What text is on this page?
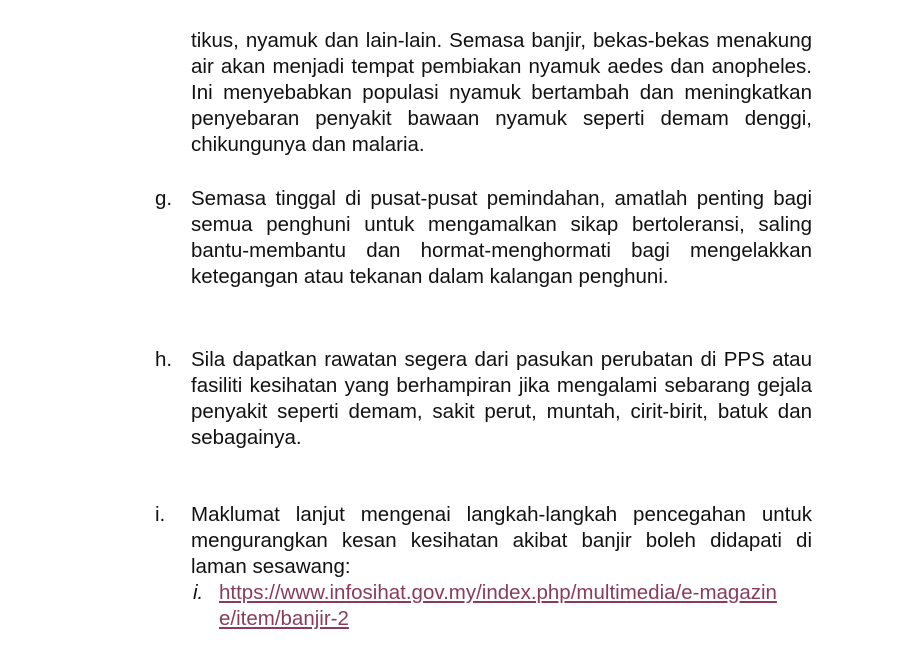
tikus, nyamuk dan lain-lain. Semasa banjir, bekas-bekas menakung air akan menjadi tempat pembiakan nyamuk aedes dan anopheles. Ini menyebabkan populasi nyamuk bertambah dan meningkatkan penyebaran penyakit bawaan nyamuk seperti demam denggi, chikungunya dan malaria.
g. Semasa tinggal di pusat-pusat pemindahan, amatlah penting bagi semua penghuni untuk mengamalkan sikap bertoleransi, saling bantu-membantu dan hormat-menghormati bagi mengelakkan ketegangan atau tekanan dalam kalangan penghuni.
h. Sila dapatkan rawatan segera dari pasukan perubatan di PPS atau fasiliti kesihatan yang berhampiran jika mengalami sebarang gejala penyakit seperti demam, sakit perut, muntah, cirit-birit, batuk dan sebagainya.
i. Maklumat lanjut mengenai langkah-langkah pencegahan untuk mengurangkan kesan kesihatan akibat banjir boleh didapati di laman sesawang:
i. https://www.infosihat.gov.my/index.php/multimedia/e-magazine/item/banjir-2
